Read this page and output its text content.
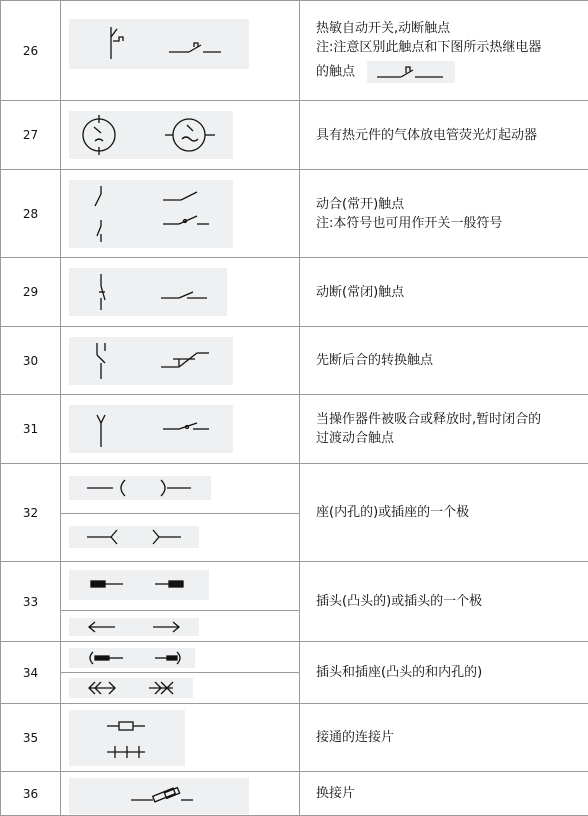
26		热敏自动开关,动断触点
注:注意区别此触点和下图所示热继电器
的触点

27		具有热元件的气体放电管荧光灯起动器

28		动合(常开)触点
注:本符号也可用作开关一般符号

29		动断(常闭)触点

30		先断后合的转换触点

31		当操作器件被吸合或释放时,暂时闭合的
过渡动合触点

32		座(内孔的)或插座的一个极

33		插头(凸头的)或插头的一个极

34		插头和插座(凸头的和内孔的)

35		接通的连接片

36		换接片
